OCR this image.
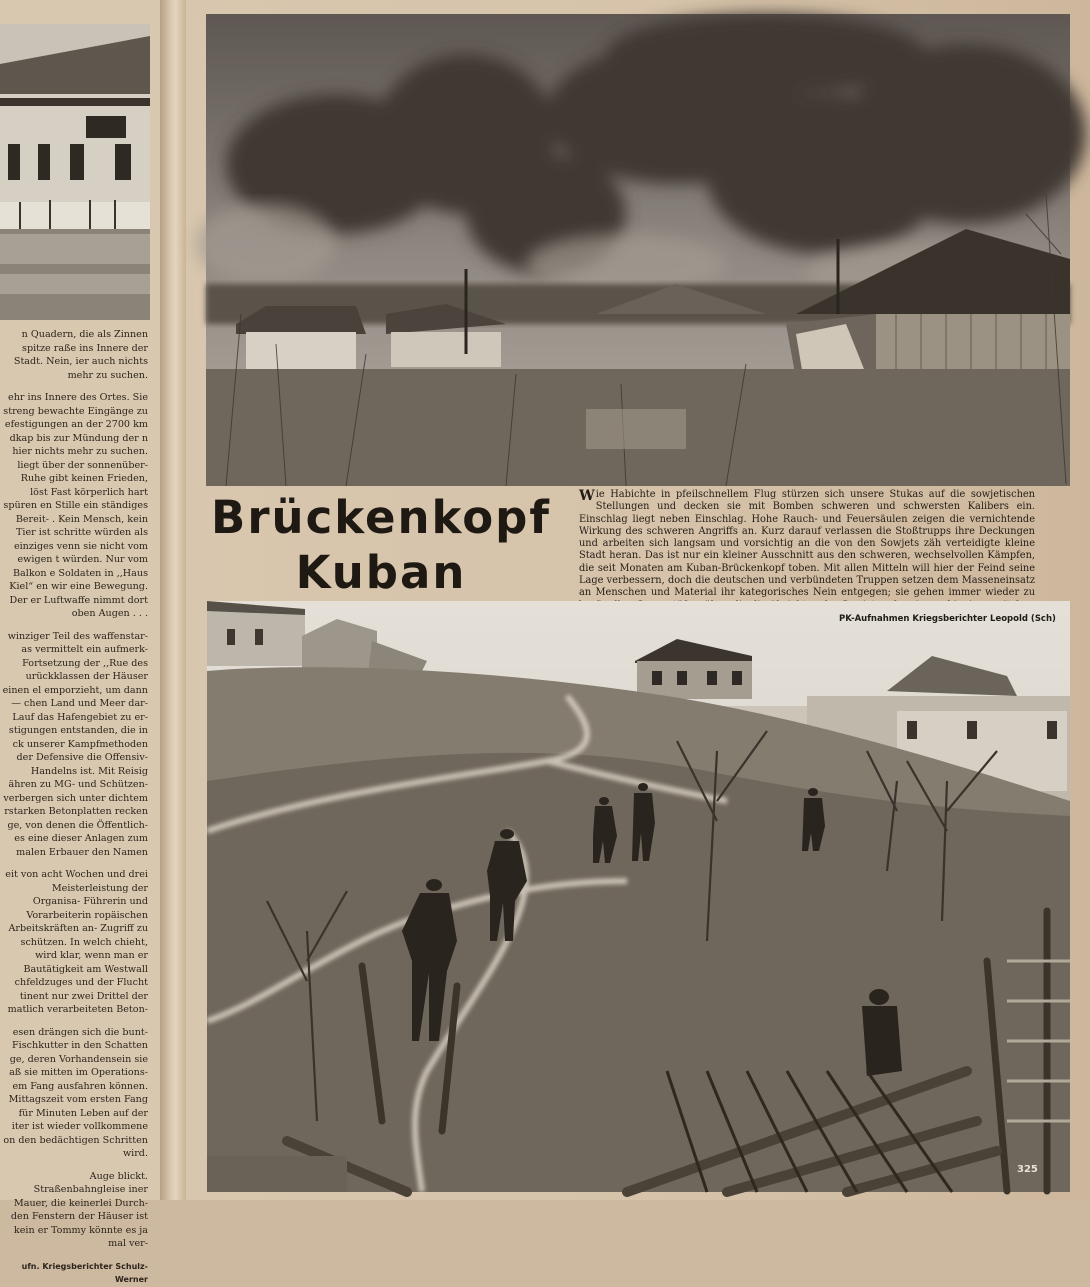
n Quadern, die als Zinnen spitze raße ins Innere der Stadt. Nein, ier auch nichts mehr zu suchen.

ehr ins Innere des Ortes. Sie streng bewachte Eingänge zu efestigungen an der 2700 km dkap bis zur Mündung der n hier nichts mehr zu suchen. liegt über der sonnenüber- Ruhe gibt keinen Frieden, löst Fast körperlich hart spüren en Stille ein ständiges Bereit- . Kein Mensch, kein Tier ist schritte würden als einziges venn sie nicht vom ewigen t würden. Nur vom Balkon e Soldaten in ,,Haus Kiel“ en wir eine Bewegung. Der er Luftwaffe nimmt dort oben Augen . . .

winziger Teil des waffenstar- as vermittelt ein aufmerk- Fortsetzung der ,,Rue des urückklassen der Häuser einen el emporzieht, um dann — chen Land und Meer dar- Lauf das Hafengebiet zu er- stigungen entstanden, die in ck unserer Kampfmethoden der Defensive die Offensiv- Handelns ist. Mit Reisig ähren zu MG- und Schützen- verbergen sich unter dichtem rstarken Betonplatten recken ge, von denen die Öffentlich- es eine dieser Anlagen zum malen Erbauer den Namen

eit von acht Wochen und drei Meisterleistung der Organisa- Führerin und Vorarbeiterin ropäischen Arbeitskräften an- Zugriff zu schützen. In welch chieht, wird klar, wenn man er Bautätigkeit am Westwall chfeldzuges und der Flucht tinent nur zwei Drittel der matlich verarbeiteten Beton-

esen drängen sich die bunt- Fischkutter in den Schatten ge, deren Vorhandensein sie aß sie mitten im Operations- em Fang ausfahren können. Mittagszeit vom ersten Fang für Minuten Leben auf der iter ist wieder vollkommene on den bedächtigen Schritten wird.

Auge blickt. Straßenbahngleise iner Mauer, die keinerlei Durch- den Fenstern der Häuser ist kein er Tommy könnte es ja mal ver-

ufn. Kriegsberichter Schulz-Werner
Brückenkopf
Kuban
W ie Habichte in pfeilschnellem Flug stürzen sich unsere Stukas auf die sowjetischen Stellungen und decken sie mit Bomben schweren und schwersten Kalibers ein. Einschlag liegt neben Einschlag. Hohe Rauch- und Feuersäulen zeigen die vernichtende Wirkung des schweren Angriffs an. Kurz darauf verlassen die Stoßtrupps ihre Deckungen und arbeiten sich langsam und vorsichtig an die von den Sowjets zäh verteidigte kleine Stadt heran. Das ist nur ein kleiner Ausschnitt aus den schweren, wechselvollen Kämpfen, die seit Monaten am Kuban-Brückenkopf toben. Mit allen Mitteln will hier der Feind seine Lage verbessern, doch die deutschen und verbündeten Truppen setzen dem Masseneinsatz an Menschen und Material ihr kategorisches Nein entgegen; sie gehen immer wieder zu
PK-Aufnahmen Kriegsberichter Leopold (Sch)
325
